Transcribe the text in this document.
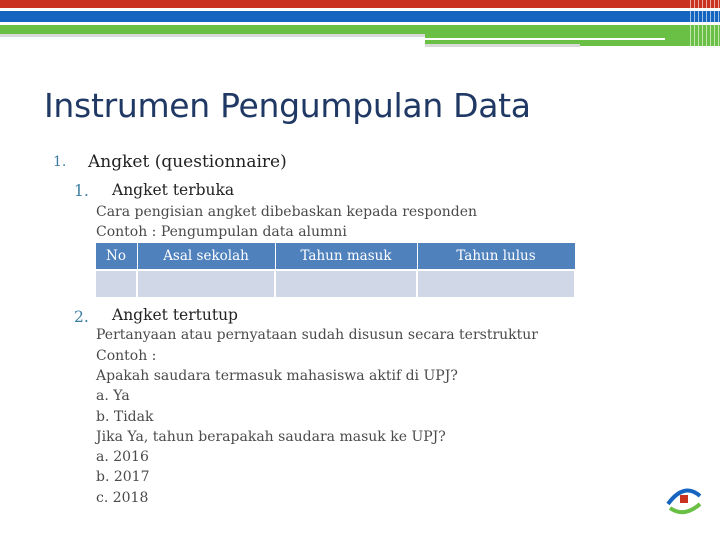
Instrumen Pengumpulan Data
1. Angket (questionnaire)
1. Angket terbuka
Cara pengisian angket dibebaskan kepada responden
Contoh : Pengumpulan data alumni
No	Asal sekolah	Tahun masuk	Tahun lulus

2. Angket tertutup
Pertanyaan atau pernyataan sudah disusun secara terstruktur
Contoh :
Apakah saudara termasuk mahasiswa aktif di UPJ?
a. Ya
b. Tidak
Jika Ya, tahun berapakah saudara masuk ke UPJ?
a. 2016
b. 2017
c. 2018
